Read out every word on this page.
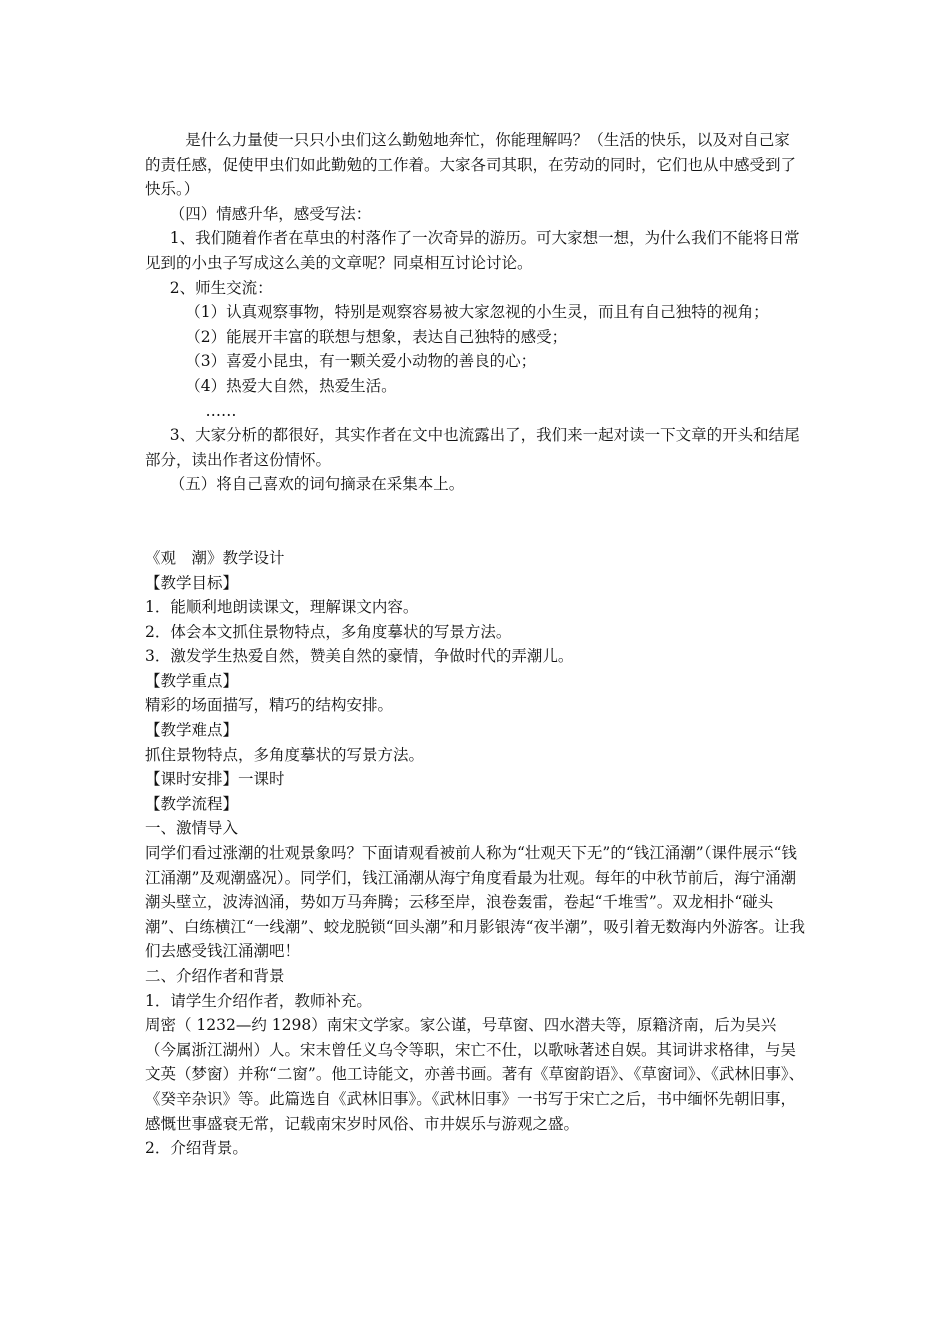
是什么力量使一只只小虫们这么勤勉地奔忙，你能理解吗？（生活的快乐，以及对自己家的责任感，促使甲虫们如此勤勉的工作着。大家各司其职，在劳动的同时，它们也从中感受到了快乐。）

（四）情感升华，感受写法：

1、我们随着作者在草虫的村落作了一次奇异的游历。可大家想一想，为什么我们不能将日常见到的小虫子写成这么美的文章呢？同桌相互讨论讨论。

2、师生交流：

（1）认真观察事物，特别是观察容易被大家忽视的小生灵，而且有自己独特的视角；

（2）能展开丰富的联想与想象，表达自己独特的感受；

（3）喜爱小昆虫，有一颗关爱小动物的善良的心；

（4）热爱大自然，热爱生活。

……

3、大家分析的都很好，其实作者在文中也流露出了，我们来一起对读一下文章的开头和结尾部分，读出作者这份情怀。

（五）将自己喜欢的词句摘录在采集本上。

《观　潮》教学设计

【教学目标】

1．能顺利地朗读课文，理解课文内容。

2．体会本文抓住景物特点，多角度摹状的写景方法。

3．激发学生热爱自然，赞美自然的豪情，争做时代的弄潮儿。

【教学重点】

精彩的场面描写，精巧的结构安排。

【教学难点】

抓住景物特点，多角度摹状的写景方法。

【课时安排】一课时

【教学流程】

一、激情导入

同学们看过涨潮的壮观景象吗？下面请观看被前人称为“壮观天下无”的“钱江涌潮”（课件展示“钱江涌潮”及观潮盛况）。同学们，钱江涌潮从海宁角度看最为壮观。每年的中秋节前后，海宁涌潮潮头壁立，波涛汹涌，势如万马奔腾；云移至岸，浪卷轰雷，卷起“千堆雪”。双龙相扑“碰头潮”、白练横江“一线潮”、蛟龙脱锁“回头潮”和月影银涛“夜半潮”，吸引着无数海内外游客。让我们去感受钱江涌潮吧！

二、介绍作者和背景

1．请学生介绍作者，教师补充。

周密（ 1232—约 1298）南宋文学家。家公谨，号草窗、四水潜夫等，原籍济南，后为吴兴（今属浙江湖州）人。宋末曾任义乌令等职，宋亡不仕，以歌咏著述自娱。其词讲求格律，与吴文英（梦窗）并称“二窗”。他工诗能文，亦善书画。著有《草窗韵语》、《草窗词》、《武林旧事》、《癸辛杂识》等。此篇选自《武林旧事》。《武林旧事》一书写于宋亡之后，书中缅怀先朝旧事，感慨世事盛衰无常，记载南宋岁时风俗、市井娱乐与游观之盛。

2．介绍背景。
